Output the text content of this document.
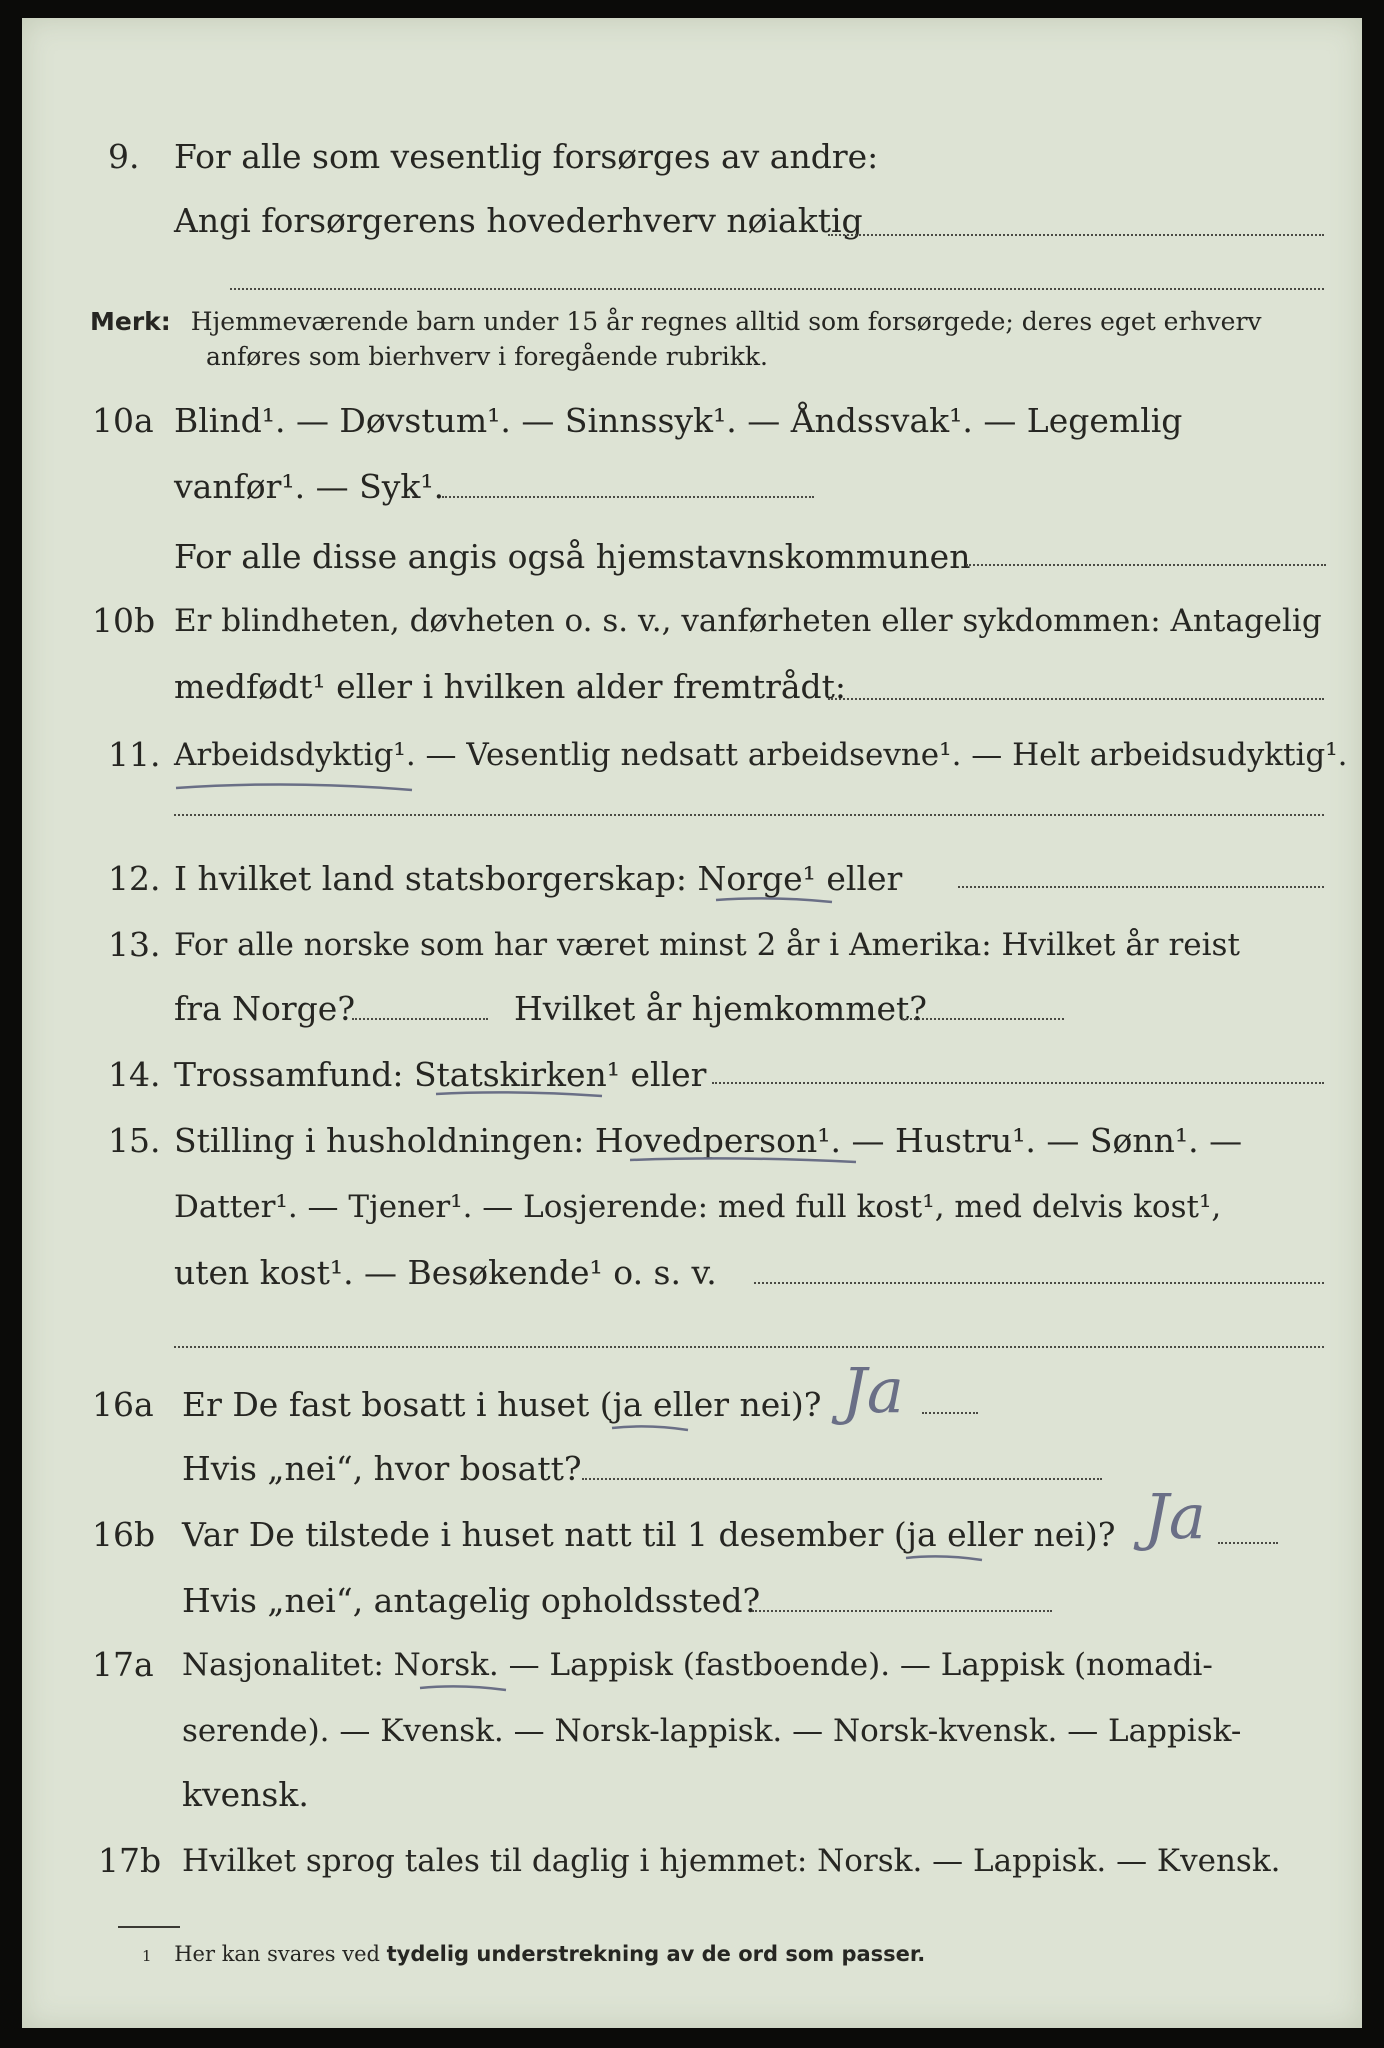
9. For alle som vesentlig forsørges av andre:
Angi forsørgerens hovederhverv nøiaktig
Merk: Hjemmeværende barn under 15 år regnes alltid som forsørgede; deres eget erhverv
anføres som bierhverv i foregående rubrikk.
10a Blind¹. — Døvstum¹. — Sinnssyk¹. — Åndssvak¹. — Legemlig
vanfør¹. — Syk¹.
For alle disse angis også hjemstavnskommunen
10b Er blindheten, døvheten o. s. v., vanførheten eller sykdommen: Antagelig
medfødt¹ eller i hvilken alder fremtrådt:
11. Arbeidsdyktig¹. — Vesentlig nedsatt arbeidsevne¹. — Helt arbeidsudyktig¹.
12. I hvilket land statsborgerskap: Norge¹ eller
13. For alle norske som har været minst 2 år i Amerika: Hvilket år reist
fra Norge?	Hvilket år hjemkommet?
14. Trossamfund: Statskirken¹ eller
15. Stilling i husholdningen: Hovedperson¹. — Hustru¹. — Sønn¹. —
Datter¹. — Tjener¹. — Losjerende: med full kost¹, med delvis kost¹,
uten kost¹. — Besøkende¹ o. s. v.
16a Er De fast bosatt i huset (ja eller nei)? Ja
Hvis „nei“, hvor bosatt?
16b Var De tilstede i huset natt til 1 desember (ja eller nei)? Ja
Hvis „nei“, antagelig opholdssted?
17a Nasjonalitet: Norsk. — Lappisk (fastboende). — Lappisk (nomadi-
serende). — Kvensk. — Norsk-lappisk. — Norsk-kvensk. — Lappisk-
kvensk.
17b Hvilket sprog tales til daglig i hjemmet: Norsk. — Lappisk. — Kvensk.
1 Her kan svares ved tydelig understrekning av de ord som passer.
